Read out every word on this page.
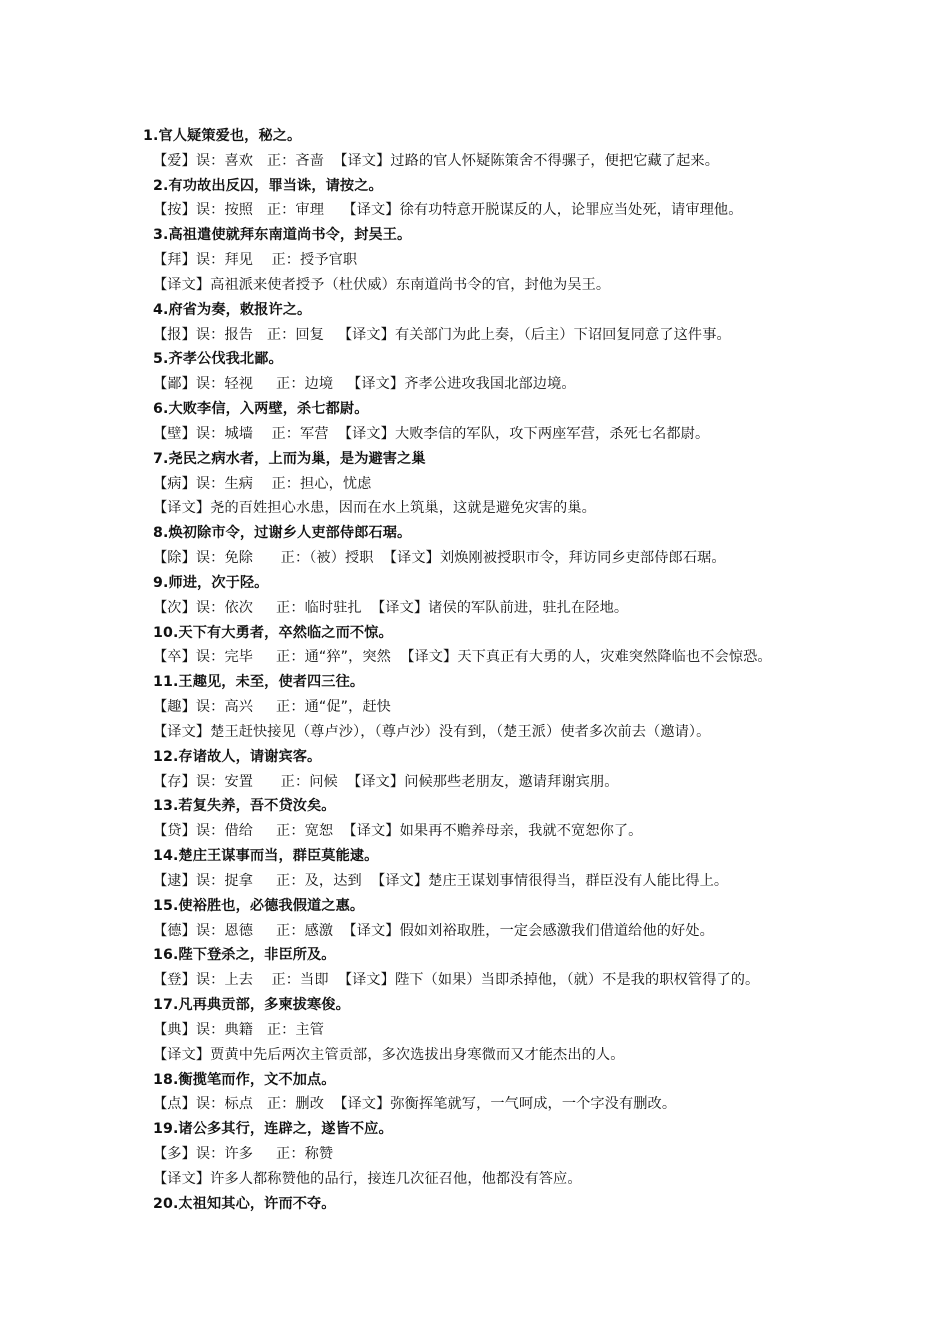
1.官人疑策爱也，秘之。
【爱】误：喜欢   正：吝啬  【译文】过路的官人怀疑陈策舍不得骡子，便把它藏了起来。
2.有功故出反囚，罪当诛，请按之。
【按】误：按照   正：审理    【译文】徐有功特意开脱谋反的人，论罪应当处死，请审理他。
3.高祖遣使就拜东南道尚书令，封吴王。
【拜】误：拜见    正：授予官职
【译文】高祖派来使者授予（杜伏威）东南道尚书令的官，封他为吴王。
4.府省为奏，敕报许之。
【报】误：报告   正：回复   【译文】有关部门为此上奏，（后主）下诏回复同意了这件事。
5.齐孝公伐我北鄙。
【鄙】误：轻视     正：边境   【译文】齐孝公进攻我国北部边境。
6.大败李信，入两壁，杀七都尉。
【壁】误：城墙    正：军营  【译文】大败李信的军队，攻下两座军营，杀死七名都尉。
7.尧民之病水者，上而为巢，是为避害之巢
【病】误：生病    正：担心，忧虑
【译文】尧的百姓担心水患，因而在水上筑巢，这就是避免灾害的巢。
8.焕初除市令，过谢乡人吏部侍郎石琚。
【除】误：免除      正：（被）授职  【译文】刘焕刚被授职市令，拜访同乡吏部侍郎石琚。
9.师进，次于陉。
【次】误：依次     正：临时驻扎  【译文】诸侯的军队前进，驻扎在陉地。
10.天下有大勇者，卒然临之而不惊。
【卒】误：完毕     正：通“猝”，突然  【译文】天下真正有大勇的人，灾难突然降临也不会惊恐。
11.王趣见，未至，使者四三往。
【趣】误：高兴     正：通“促”，赶快
【译文】楚王赶快接见（尊卢沙），（尊卢沙）没有到，（楚王派）使者多次前去（邀请）。
12.存诸故人，请谢宾客。
【存】误：安置      正：问候  【译文】问候那些老朋友，邀请拜谢宾朋。
13.若复失养，吾不贷汝矣。
【贷】误：借给     正：宽恕  【译文】如果再不赡养母亲，我就不宽恕你了。
14.楚庄王谋事而当，群臣莫能逮。
【逮】误：捉拿     正：及，达到  【译文】楚庄王谋划事情很得当，群臣没有人能比得上。
15.使裕胜也，必德我假道之惠。
【德】误：恩德     正：感激  【译文】假如刘裕取胜，一定会感激我们借道给他的好处。
16.陛下登杀之，非臣所及。
【登】误：上去    正：当即  【译文】陛下（如果）当即杀掉他，（就）不是我的职权管得了的。
17.凡再典贡部，多柬拔寒俊。
【典】误：典籍   正：主管
【译文】贾黄中先后两次主管贡部，多次选拔出身寒微而又才能杰出的人。
18.衡揽笔而作，文不加点。
【点】误：标点   正：删改  【译文】弥衡挥笔就写，一气呵成，一个字没有删改。
19.诸公多其行，连辟之，遂皆不应。
【多】误：许多     正：称赞
【译文】许多人都称赞他的品行，接连几次征召他，他都没有答应。
20.太祖知其心，许而不夺。
